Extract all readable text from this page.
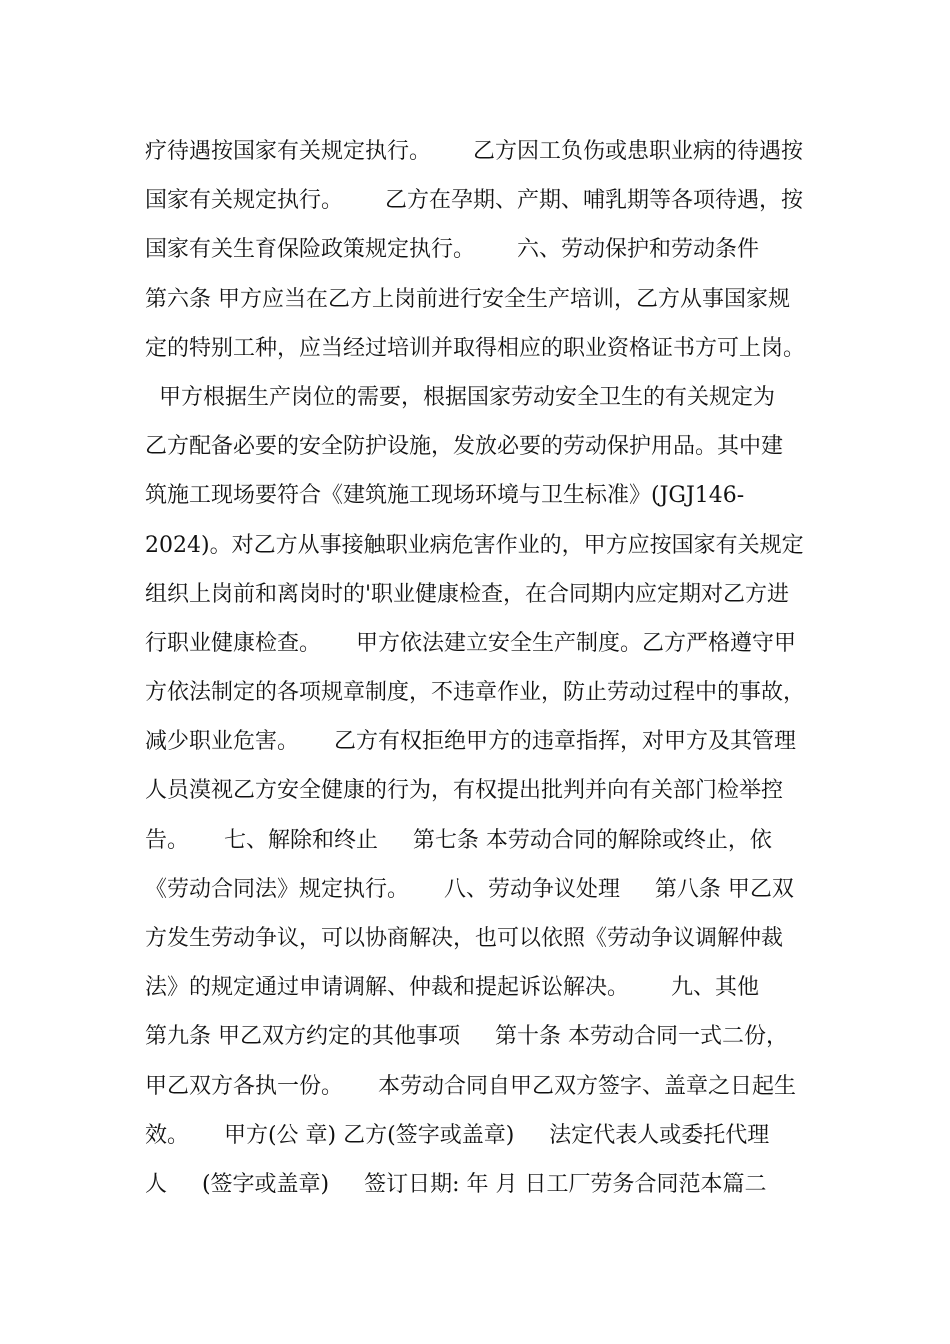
疗待遇按国家有关规定执行。      乙方因工负伤或患职业病的待遇按
国家有关规定执行。      乙方在孕期、产期、哺乳期等各项待遇，按
国家有关生育保险政策规定执行。      六、劳动保护和劳动条件
第六条 甲方应当在乙方上岗前进行安全生产培训，乙方从事国家规
定的特别工种，应当经过培训并取得相应的职业资格证书方可上岗。
甲方根据生产岗位的需要，根据国家劳动安全卫生的有关规定为
乙方配备必要的安全防护设施，发放必要的劳动保护用品。其中建
筑施工现场要符合《建筑施工现场环境与卫生标准》(JGJ146-
2024)。对乙方从事接触职业病危害作业的，甲方应按国家有关规定
组织上岗前和离岗时的'职业健康检查，在合同期内应定期对乙方进
行职业健康检查。     甲方依法建立安全生产制度。乙方严格遵守甲
方依法制定的各项规章制度，不违章作业，防止劳动过程中的事故，
减少职业危害。     乙方有权拒绝甲方的违章指挥，对甲方及其管理
人员漠视乙方安全健康的行为，有权提出批判并向有关部门检举控
告。     七、解除和终止     第七条 本劳动合同的解除或终止，依
《劳动合同法》规定执行。     八、劳动争议处理     第八条 甲乙双
方发生劳动争议，可以协商解决，也可以依照《劳动争议调解仲裁
法》的规定通过申请调解、仲裁和提起诉讼解决。      九、其他
第九条 甲乙双方约定的其他事项     第十条 本劳动合同一式二份，
甲乙双方各执一份。     本劳动合同自甲乙双方签字、盖章之日起生
效。     甲方(公 章) 乙方(签字或盖章)     法定代表人或委托代理
人     (签字或盖章)     签订日期: 年 月 日工厂劳务合同范本篇二
